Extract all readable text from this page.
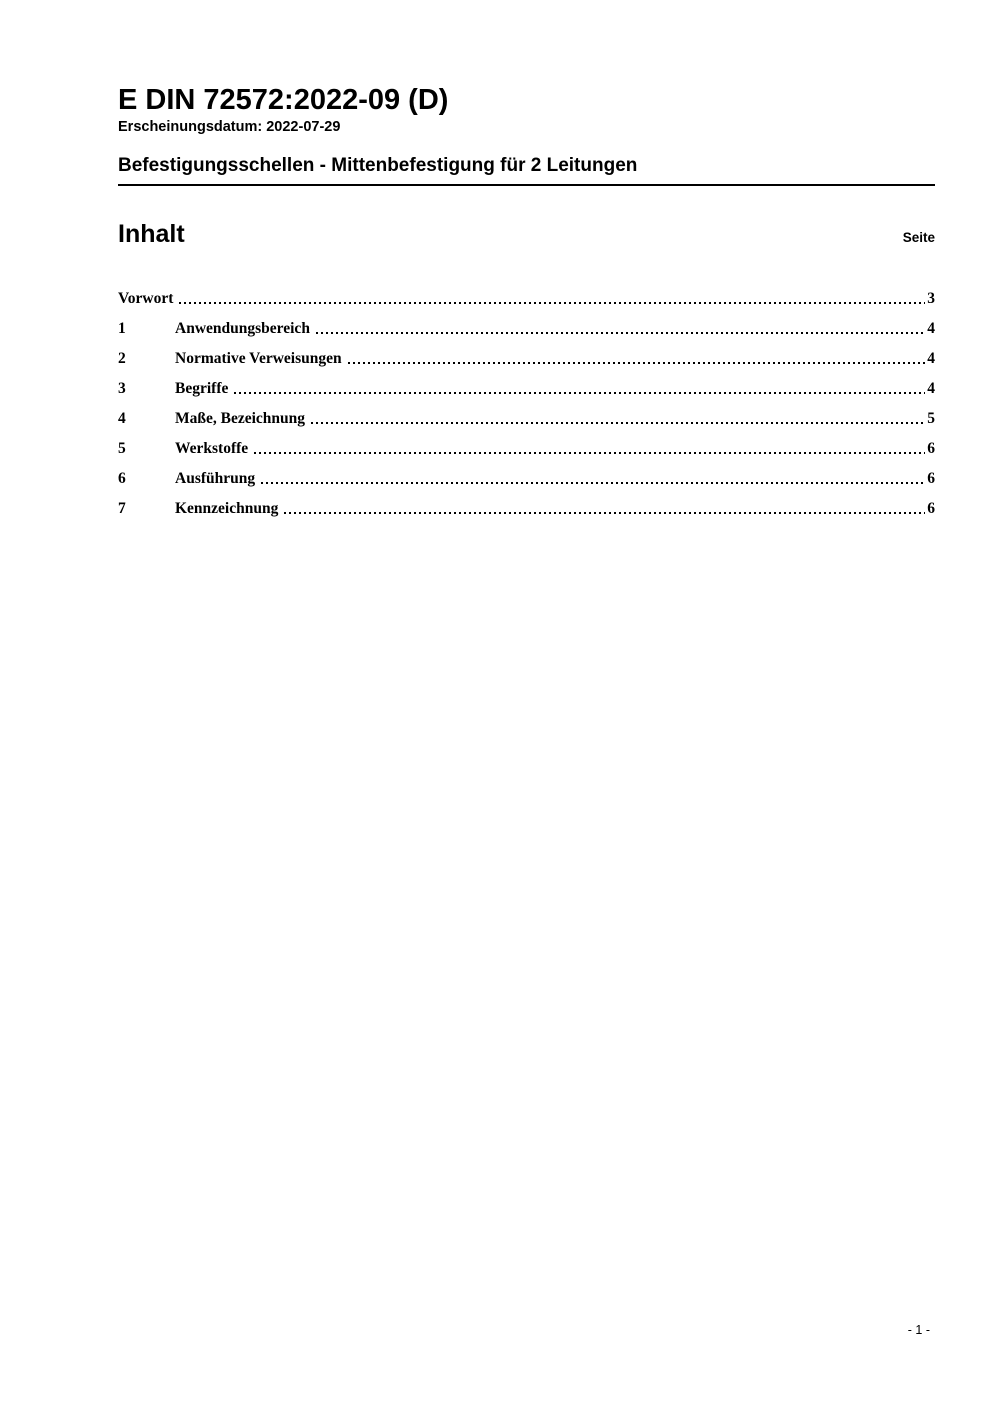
E DIN 72572:2022-09 (D)
Erscheinungsdatum: 2022-07-29
Befestigungsschellen - Mittenbefestigung für 2 Leitungen
Inhalt	Seite
Vorwort	3
1	Anwendungsbereich	4
2	Normative Verweisungen	4
3	Begriffe	4
4	Maße, Bezeichnung	5
5	Werkstoffe	6
6	Ausführung	6
7	Kennzeichnung	6
- 1 -
